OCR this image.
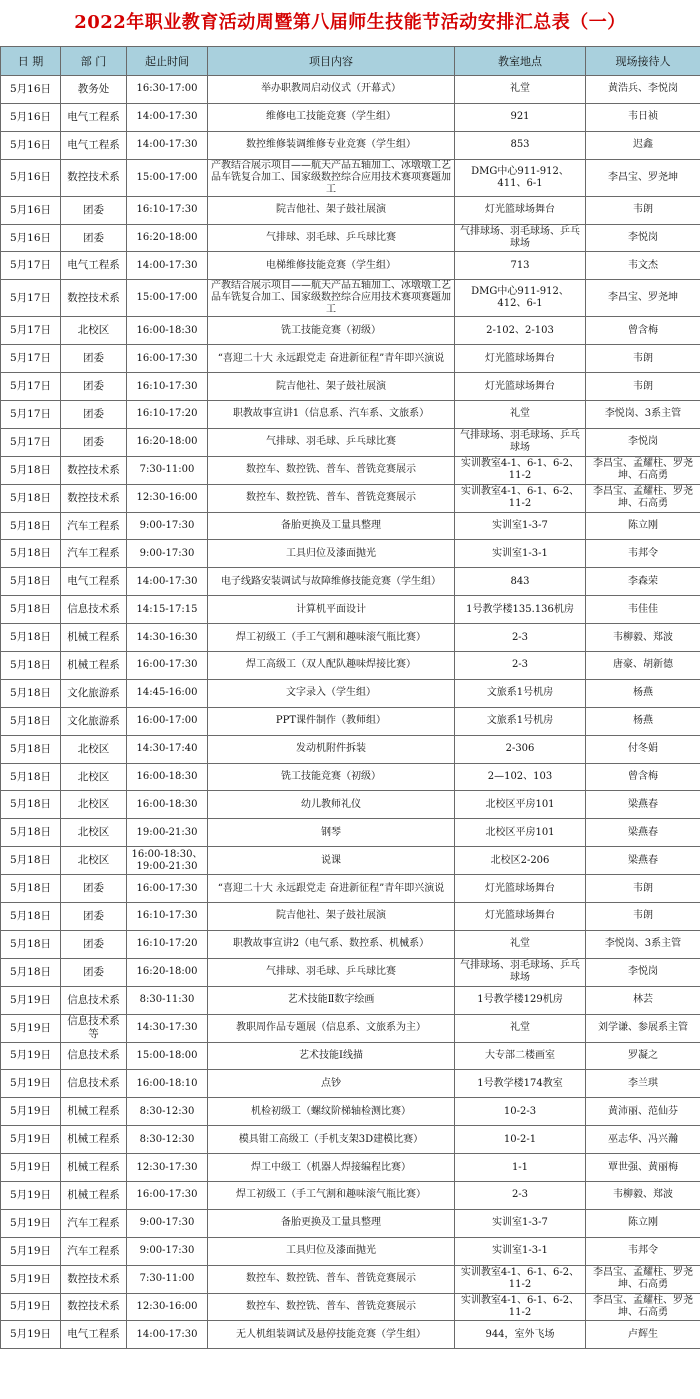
2022年职业教育活动周暨第八届师生技能节活动安排汇总表（一）
日 期	部 门	起止时间	项目内容	教室地点	现场接待人
5月16日	教务处	16:30-17:00	举办职教周启动仪式（开幕式）	礼堂	黄浩兵、李悦岗
5月16日	电气工程系	14:00-17:30	维修电工技能竞赛（学生组）	921	韦日祯
5月16日	电气工程系	14:00-17:30	数控维修装调维修专业竞赛（学生组）	853	迟鑫
5月16日	数控技术系	15:00-17:00	产教结合展示项目——航天产品五轴加工、冰墩墩工艺品车铣复合加工、国家级数控综合应用技术赛项赛题加工	DMG中心911-912、411、6-1	李昌宝、罗尧坤
5月16日	团委	16:10-17:30	院吉他社、架子鼓社展演	灯光篮球场舞台	韦朗
5月16日	团委	16:20-18:00	气排球、羽毛球、乒乓球比赛	气排球场、羽毛球场、乒乓球场	李悦岗
5月17日	电气工程系	14:00-17:30	电梯维修技能竞赛（学生组）	713	韦文杰
5月17日	数控技术系	15:00-17:00	产教结合展示项目——航天产品五轴加工、冰墩墩工艺品车铣复合加工、国家级数控综合应用技术赛项赛题加工	DMG中心911-912、412、6-1	李昌宝、罗尧坤
5月17日	北校区	16:00-18:30	铣工技能竞赛（初级）	2-102、2-103	曾含梅
5月17日	团委	16:00-17:30	“喜迎二十大 永远跟党走 奋进新征程”青年即兴演说	灯光篮球场舞台	韦朗
5月17日	团委	16:10-17:30	院吉他社、架子鼓社展演	灯光篮球场舞台	韦朗
5月17日	团委	16:10-17:20	职教故事宣讲1（信息系、汽车系、文旅系）	礼堂	李悦岗、3系主管
5月17日	团委	16:20-18:00	气排球、羽毛球、乒乓球比赛	气排球场、羽毛球场、乒乓球场	李悦岗
5月18日	数控技术系	7:30-11:00	数控车、数控铣、普车、普铣竞赛展示	实训教室4-1、6-1、6-2、11-2	李昌宝、孟耀柱、罗尧坤、石高勇
5月18日	数控技术系	12:30-16:00	数控车、数控铣、普车、普铣竞赛展示	实训教室4-1、6-1、6-2、11-2	李昌宝、孟耀柱、罗尧坤、石高勇
5月18日	汽车工程系	9:00-17:30	备胎更换及工量具整理	实训室1-3-7	陈立刚
5月18日	汽车工程系	9:00-17:30	工具归位及漆面抛光	实训室1-3-1	韦邦令
5月18日	电气工程系	14:00-17:30	电子线路安装调试与故障维修技能竞赛（学生组）	843	李森荣
5月18日	信息技术系	14:15-17:15	计算机平面设计	1号教学楼135.136机房	韦佳佳
5月18日	机械工程系	14:30-16:30	焊工初级工（手工气割和趣味滚气瓶比赛）	2-3	韦柳毅、郑波
5月18日	机械工程系	16:00-17:30	焊工高级工（双人配队趣味焊接比赛）	2-3	唐豪、胡新德
5月18日	文化旅游系	14:45-16:00	文字录入（学生组）	文旅系1号机房	杨燕
5月18日	文化旅游系	16:00-17:00	PPT课件制作（教师组）	文旅系1号机房	杨燕
5月18日	北校区	14:30-17:40	发动机附件拆装	2-306	付冬娟
5月18日	北校区	16:00-18:30	铣工技能竞赛（初级）	2—102、103	曾含梅
5月18日	北校区	16:00-18:30	幼儿教师礼仪	北校区平房101	梁燕春
5月18日	北校区	19:00-21:30	钢琴	北校区平房101	梁燕春
5月18日	北校区	16:00-18:30、19:00-21:30	说课	北校区2-206	梁燕春
5月18日	团委	16:00-17:30	“喜迎二十大 永远跟党走 奋进新征程”青年即兴演说	灯光篮球场舞台	韦朗
5月18日	团委	16:10-17:30	院吉他社、架子鼓社展演	灯光篮球场舞台	韦朗
5月18日	团委	16:10-17:20	职教故事宣讲2（电气系、数控系、机械系）	礼堂	李悦岗、3系主管
5月18日	团委	16:20-18:00	气排球、羽毛球、乒乓球比赛	气排球场、羽毛球场、乒乓球场	李悦岗
5月19日	信息技术系	8:30-11:30	艺术技能Ⅱ数字绘画	1号教学楼129机房	林芸
5月19日	信息技术系等	14:30-17:30	教职周作品专题展（信息系、文旅系为主）	礼堂	刘学谦、参展系主管
5月19日	信息技术系	15:00-18:00	艺术技能Ⅰ线描	大专部二楼画室	罗凝之
5月19日	信息技术系	16:00-18:10	点钞	1号教学楼174教室	李兰琪
5月19日	机械工程系	8:30-12:30	机检初级工（螺纹阶梯轴检测比赛）	10-2-3	黄沛丽、范仙芬
5月19日	机械工程系	8:30-12:30	模具钳工高级工（手机支架3D建模比赛）	10-2-1	巫志华、冯兴瀚
5月19日	机械工程系	12:30-17:30	焊工中级工（机器人焊接编程比赛）	1-1	覃世强、黄丽梅
5月19日	机械工程系	16:00-17:30	焊工初级工（手工气割和趣味滚气瓶比赛）	2-3	韦柳毅、郑波
5月19日	汽车工程系	9:00-17:30	备胎更换及工量具整理	实训室1-3-7	陈立刚
5月19日	汽车工程系	9:00-17:30	工具归位及漆面抛光	实训室1-3-1	韦邦令
5月19日	数控技术系	7:30-11:00	数控车、数控铣、普车、普铣竞赛展示	实训教室4-1、6-1、6-2、11-2	李昌宝、孟耀柱、罗尧坤、石高勇
5月19日	数控技术系	12:30-16:00	数控车、数控铣、普车、普铣竞赛展示	实训教室4-1、6-1、6-2、11-2	李昌宝、孟耀柱、罗尧坤、石高勇
5月19日	电气工程系	14:00-17:30	无人机组装调试及悬停技能竞赛（学生组）	944，室外飞场	卢辉生
